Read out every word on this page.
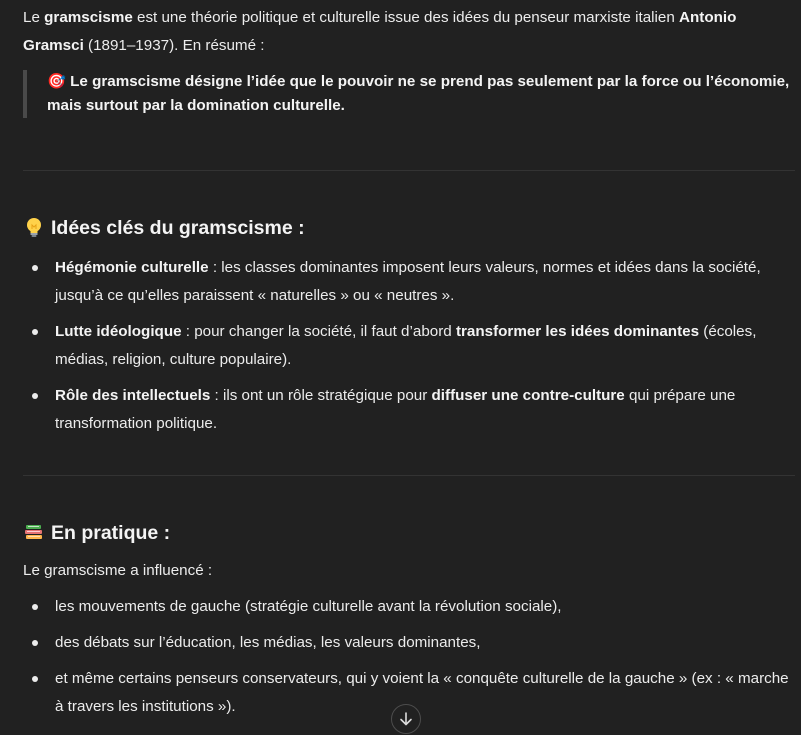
Le gramscisme est une théorie politique et culturelle issue des idées du penseur marxiste italien Antonio Gramsci (1891–1937). En résumé :

🎯 Le gramscisme désigne l’idée que le pouvoir ne se prend pas seulement par la force ou l’économie, mais surtout par la domination culturelle.
Idées clés du gramscisme :
Hégémonie culturelle : les classes dominantes imposent leurs valeurs, normes et idées dans la société, jusqu’à ce qu’elles paraissent « naturelles » ou « neutres ».
Lutte idéologique : pour changer la société, il faut d’abord transformer les idées dominantes (écoles, médias, religion, culture populaire).
Rôle des intellectuels : ils ont un rôle stratégique pour diffuser une contre-culture qui prépare une transformation politique.
En pratique :

Le gramscisme a influencé :

les mouvements de gauche (stratégie culturelle avant la révolution sociale),
des débats sur l’éducation, les médias, les valeurs dominantes,
et même certains penseurs conservateurs, qui y voient la « conquête culturelle de la gauche » (ex : « marche à travers les institutions »).
